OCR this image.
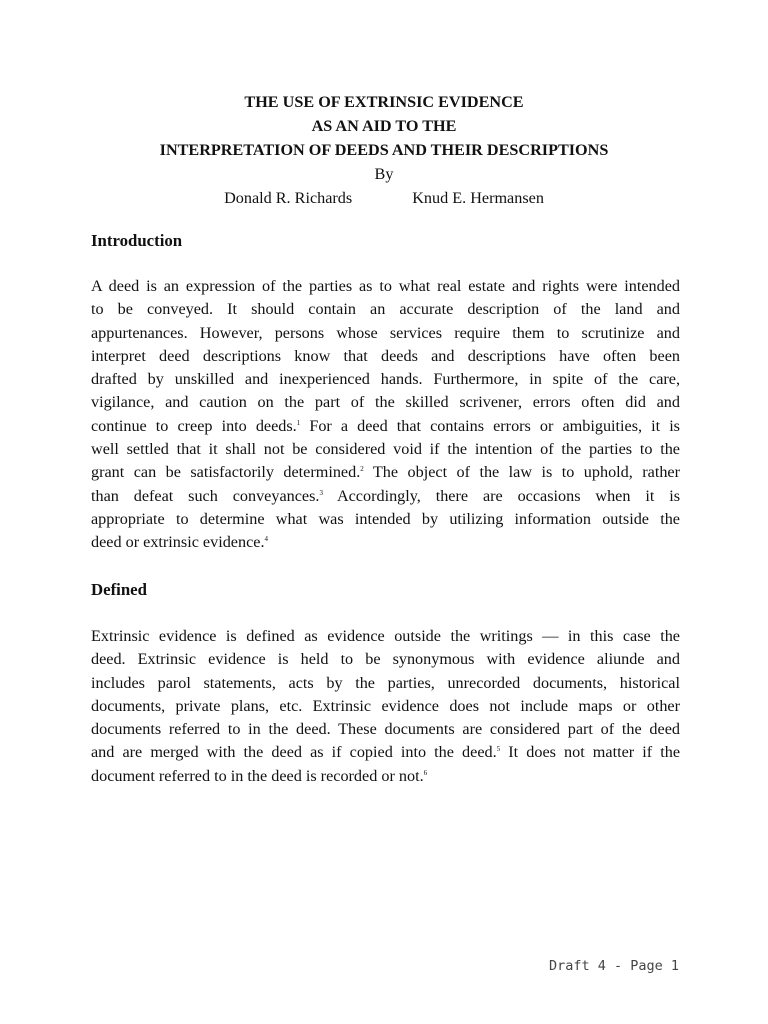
THE USE OF EXTRINSIC EVIDENCE
AS AN AID TO THE
INTERPRETATION OF DEEDS AND THEIR DESCRIPTIONS
By
Donald R. Richards	Knud E. Hermansen
Introduction
A deed is an expression of the parties as to what real estate and rights were intended
to be conveyed. It should contain an accurate description of the land and
appurtenances. However, persons whose services require them to scrutinize and
interpret deed descriptions know that deeds and descriptions have often been
drafted by unskilled and inexperienced hands. Furthermore, in spite of the care,
vigilance, and caution on the part of the skilled scrivener, errors often did and
continue to creep into deeds.$^1$ For a deed that contains errors or ambiguities, it is
well settled that it shall not be considered void if the intention of the parties to the
grant can be satisfactorily determined.$^2$ The object of the law is to uphold, rather
than defeat such conveyances.$^3$ Accordingly, there are occasions when it is
appropriate to determine what was intended by utilizing information outside the
deed or extrinsic evidence.$^4$
Defined
Extrinsic evidence is defined as evidence outside the writings — in this case the
deed. Extrinsic evidence is held to be synonymous with evidence aliunde and
includes parol statements, acts by the parties, unrecorded documents, historical
documents, private plans, etc. Extrinsic evidence does not include maps or other
documents referred to in the deed. These documents are considered part of the deed
and are merged with the deed as if copied into the deed.$^5$ It does not matter if the
document referred to in the deed is recorded or not.$^6$
Draft 4 - Page 1
